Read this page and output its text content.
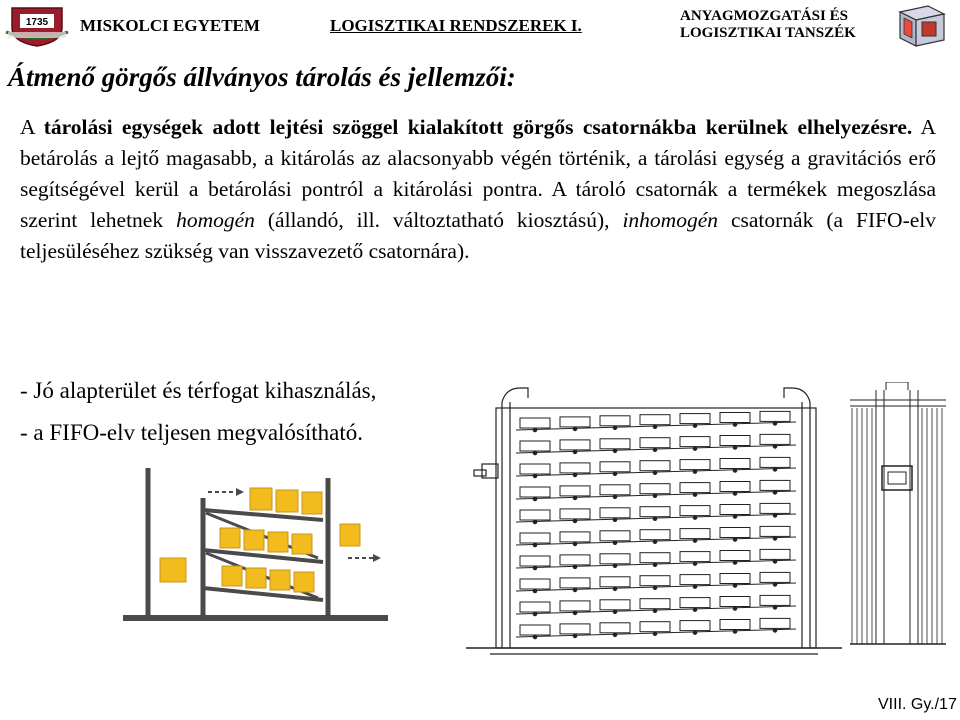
1735 MISKOLCI EGYETEM	LOGISZTIKAI RENDSZEREK I.	ANYAGMOZGATÁSI ÉS
LOGISZTIKAI TANSZÉK
Átmenő görgős állványos tárolás és jellemzői:
A tárolási egységek adott lejtési szöggel kialakított görgős csatornákba kerülnek elhelyezésre. A betárolás a lejtő magasabb, a kitárolás az alacsonyabb végén történik, a tárolási egység a gravitációs erő segítségével kerül a betárolási pontról a kitárolási pontra. A tároló csatornák a termékek megoszlása szerint lehetnek homogén (állandó, ill. változtatható kiosztású), inhomogén csatornák (a FIFO-elv teljesüléséhez szükség van visszavezető csatornára).
- Jó alapterület és térfogat kihasználás,
- a FIFO-elv teljesen megvalósítható.
VIII. Gy./17
